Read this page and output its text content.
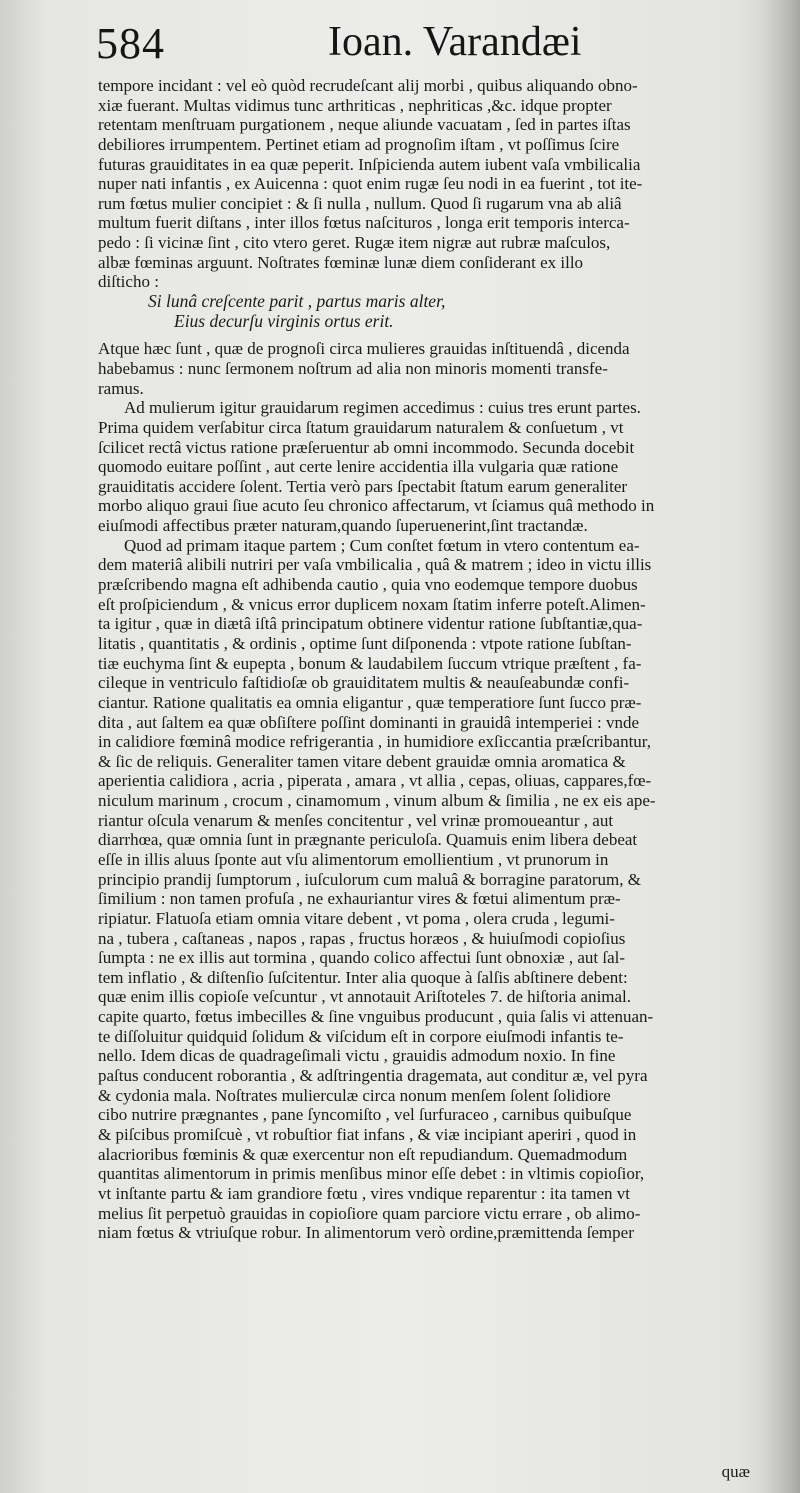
584	Ioan. Varandæi
tempore incidant : vel eò quòd recrudeſcant alij morbi , quibus aliquando obno-
xiæ fuerant. Multas vidimus tunc arthriticas , nephriticas ,&c. idque propter
retentam menſtruam purgationem , neque aliunde vacuatam , ſed in partes iſtas
debiliores irrumpentem. Pertinet etiam ad prognoſim iſtam , vt poſſimus ſcire
futuras grauiditates in ea quæ peperit. Inſpicienda autem iubent vaſa vmbilicalia
nuper nati infantis , ex Auicenna : quot enim rugæ ſeu nodi in ea fuerint , tot ite-
rum fœtus mulier concipiet : & ſi nulla , nullum. Quod ſi rugarum vna ab aliâ
multum fuerit diſtans , inter illos fœtus naſcituros , longa erit temporis interca-
pedo : ſi vicinæ ſint , cito vtero geret. Rugæ item nigræ aut rubræ maſculos,
albæ fœminas arguunt. Noſtrates fœminæ lunæ diem conſiderant ex illo
diſticho :
Si lunâ creſcente parit , partus maris alter,
Eius decurſu virginis ortus erit.
Atque hæc ſunt , quæ de prognoſi circa mulieres grauidas inſtituendâ , dicenda
habebamus : nunc ſermonem noſtrum ad alia non minoris momenti transfe-
ramus.
Ad mulierum igitur grauidarum regimen accedimus : cuius tres erunt partes.
Prima quidem verſabitur circa ſtatum grauidarum naturalem & conſuetum , vt
ſcilicet rectâ victus ratione præſeruentur ab omni incommodo. Secunda docebit
quomodo euitare poſſint , aut certe lenire accidentia illa vulgaria quæ ratione
grauiditatis accidere ſolent. Tertia verò pars ſpectabit ſtatum earum generaliter
morbo aliquo graui ſiue acuto ſeu chronico affectarum, vt ſciamus quâ methodo in
eiuſmodi affectibus præter naturam,quando ſuperuenerint,ſint tractandæ.
Quod ad primam itaque partem ; Cum conſtet fœtum in vtero contentum ea-
dem materiâ alibili nutriri per vaſa vmbilicalia , quâ & matrem ; ideo in victu illis
præſcribendo magna eſt adhibenda cautio , quia vno eodemque tempore duobus
eſt proſpiciendum , & vnicus error duplicem noxam ſtatim inferre poteſt.Alimen-
ta igitur , quæ in diætâ iſtâ principatum obtinere videntur ratione ſubſtantiæ,qua-
litatis , quantitatis , & ordinis , optime ſunt diſponenda : vtpote ratione ſubſtan-
tiæ euchyma ſint & eupepta , bonum & laudabilem ſuccum vtrique præſtent , fa-
cileque in ventriculo faſtidioſæ ob grauiditatem multis & neauſeabundæ confi-
ciantur. Ratione qualitatis ea omnia eligantur , quæ temperatiore ſunt ſucco præ-
dita , aut ſaltem ea quæ obſiſtere poſſint dominanti in grauidâ intemperiei : vnde
in calidiore fœminâ modice refrigerantia , in humidiore exſiccantia præſcribantur,
& ſic de reliquis. Generaliter tamen vitare debent grauidæ omnia aromatica &
aperientia calidiora , acria , piperata , amara , vt allia , cepas, oliuas, cappares,fœ-
niculum marinum , crocum , cinamomum , vinum album & ſimilia , ne ex eis ape-
riantur oſcula venarum & menſes concitentur , vel vrinæ promoueantur , aut
diarrhœa, quæ omnia ſunt in prægnante periculoſa. Quamuis enim libera debeat
eſſe in illis aluus ſponte aut vſu alimentorum emollientium , vt prunorum in
principio prandij ſumptorum , iuſculorum cum maluâ & borragine paratorum, &
ſimilium : non tamen profuſa , ne exhauriantur vires & fœtui alimentum præ-
ripiatur. Flatuoſa etiam omnia vitare debent , vt poma , olera cruda , legumi-
na , tubera , caſtaneas , napos , rapas , fructus horæos , & huiuſmodi copioſius
ſumpta : ne ex illis aut tormina , quando colico affectui ſunt obnoxiæ , aut ſal-
tem inflatio , & diſtenſio ſuſcitentur. Inter alia quoque à ſalſis abſtinere debent:
quæ enim illis copioſe veſcuntur , vt annotauit Ariſtoteles 7. de hiſtoria animal.
capite quarto, fœtus imbecilles & ſine vnguibus producunt , quia ſalis vi attenuan-
te diſſoluitur quidquid ſolidum & viſcidum eſt in corpore eiuſmodi infantis te-
nello. Idem dicas de quadrageſimali victu , grauidis admodum noxio. In fine
paſtus conducent roborantia , & adſtringentia dragemata, aut conditur æ, vel pyra
& cydonia mala. Noſtrates mulierculæ circa nonum menſem ſolent ſolidiore
cibo nutrire prægnantes , pane ſyncomiſto , vel ſurfuraceo , carnibus quibuſque
& piſcibus promiſcuè , vt robuſtior fiat infans , & viæ incipiant aperiri , quod in
alacrioribus fœminis & quæ exercentur non eſt repudiandum. Quemadmodum
quantitas alimentorum in primis menſibus minor eſſe debet : in vltimis copioſior,
vt inſtante partu & iam grandiore fœtu , vires vndique reparentur : ita tamen vt
melius ſit perpetuò grauidas in copioſiore quam parciore victu errare , ob alimo-
niam fœtus & vtriuſque robur. In alimentorum verò ordine,præmittenda ſemper
quæ
